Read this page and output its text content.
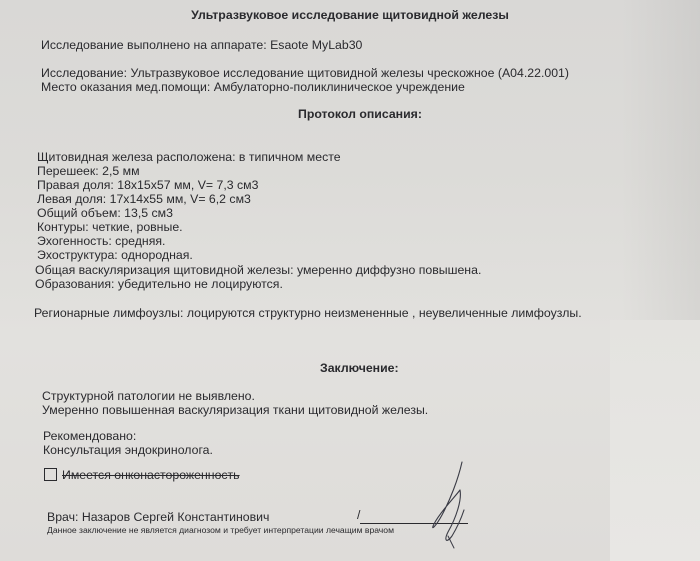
Ультразвуковое исследование щитовидной железы
Исследование выполнено на аппарате: Esaote MyLab30
Исследование: Ультразвуковое исследование щитовидной железы чрескожное (A04.22.001)
Место оказания мед.помощи: Амбулаторно-поликлиническое учреждение
Протокол описания:
Щитовидная железа расположена: в типичном месте
Перешеек: 2,5 мм
Правая доля: 18x15x57 мм, V= 7,3 см3
Левая доля: 17x14x55 мм, V= 6,2 см3
Общий объем: 13,5 см3
Контуры: четкие, ровные.
Эхогенность: средняя.
Эхоструктура: однородная.
Общая васкуляризация щитовидной железы: умеренно диффузно повышена.
Образования: убедительно не лоцируются.
Регионарные лимфоузлы: лоцируются структурно неизмененные , неувеличенные лимфоузлы.
Заключение:
Структурной патологии не выявлено.
Умеренно повышенная васкуляризация ткани щитовидной железы.
Рекомендовано:
Консультация эндокринолога.
Имеется онконастороженность
Врач: Назаров Сергей Константинович	/
Данное заключение не является диагнозом и требует интерпретации лечащим врачом
